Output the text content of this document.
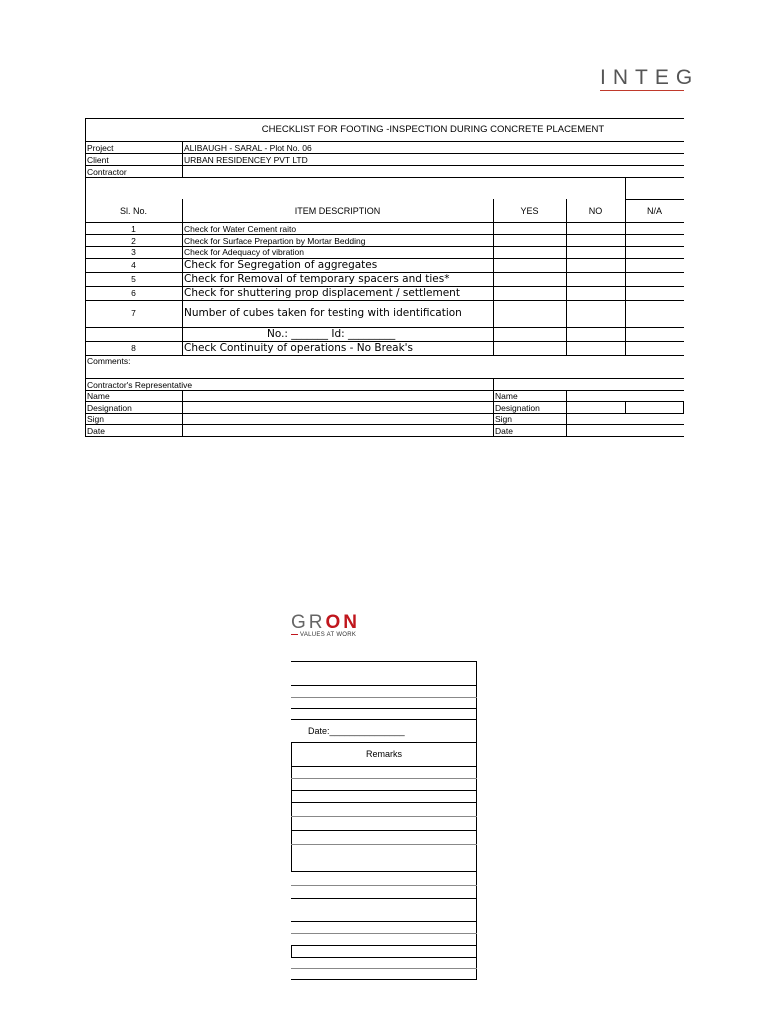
INTEG
CHECKLIST FOR FOOTING -INSPECTION DURING CONCRETE PLACEMENT
Project	ALIBAUGH - SARAL - Plot No. 06
Client	URBAN RESIDENCEY PVT LTD
Contractor
Sl. No.	ITEM DESCRIPTION	YES	NO	N/A
1	Check for Water Cement raito
2	Check for Surface Prepartion by Mortar Bedding
3	Check for Adequacy of vibration
4	Check for Segregation of aggregates
5	Check for Removal of temporary spacers and ties*
6	Check for shuttering prop displacement / settlement
7	Number of cubes taken for testing with identification
No.: _______ Id: _________
8	Check Continuity of operations - No Break's
Comments:
Contractor's Representative
Name
Designation
Sign
Date
Name
Designation
Sign
Date
GRON
VALUES AT WORK
Date:_______________
Remarks
